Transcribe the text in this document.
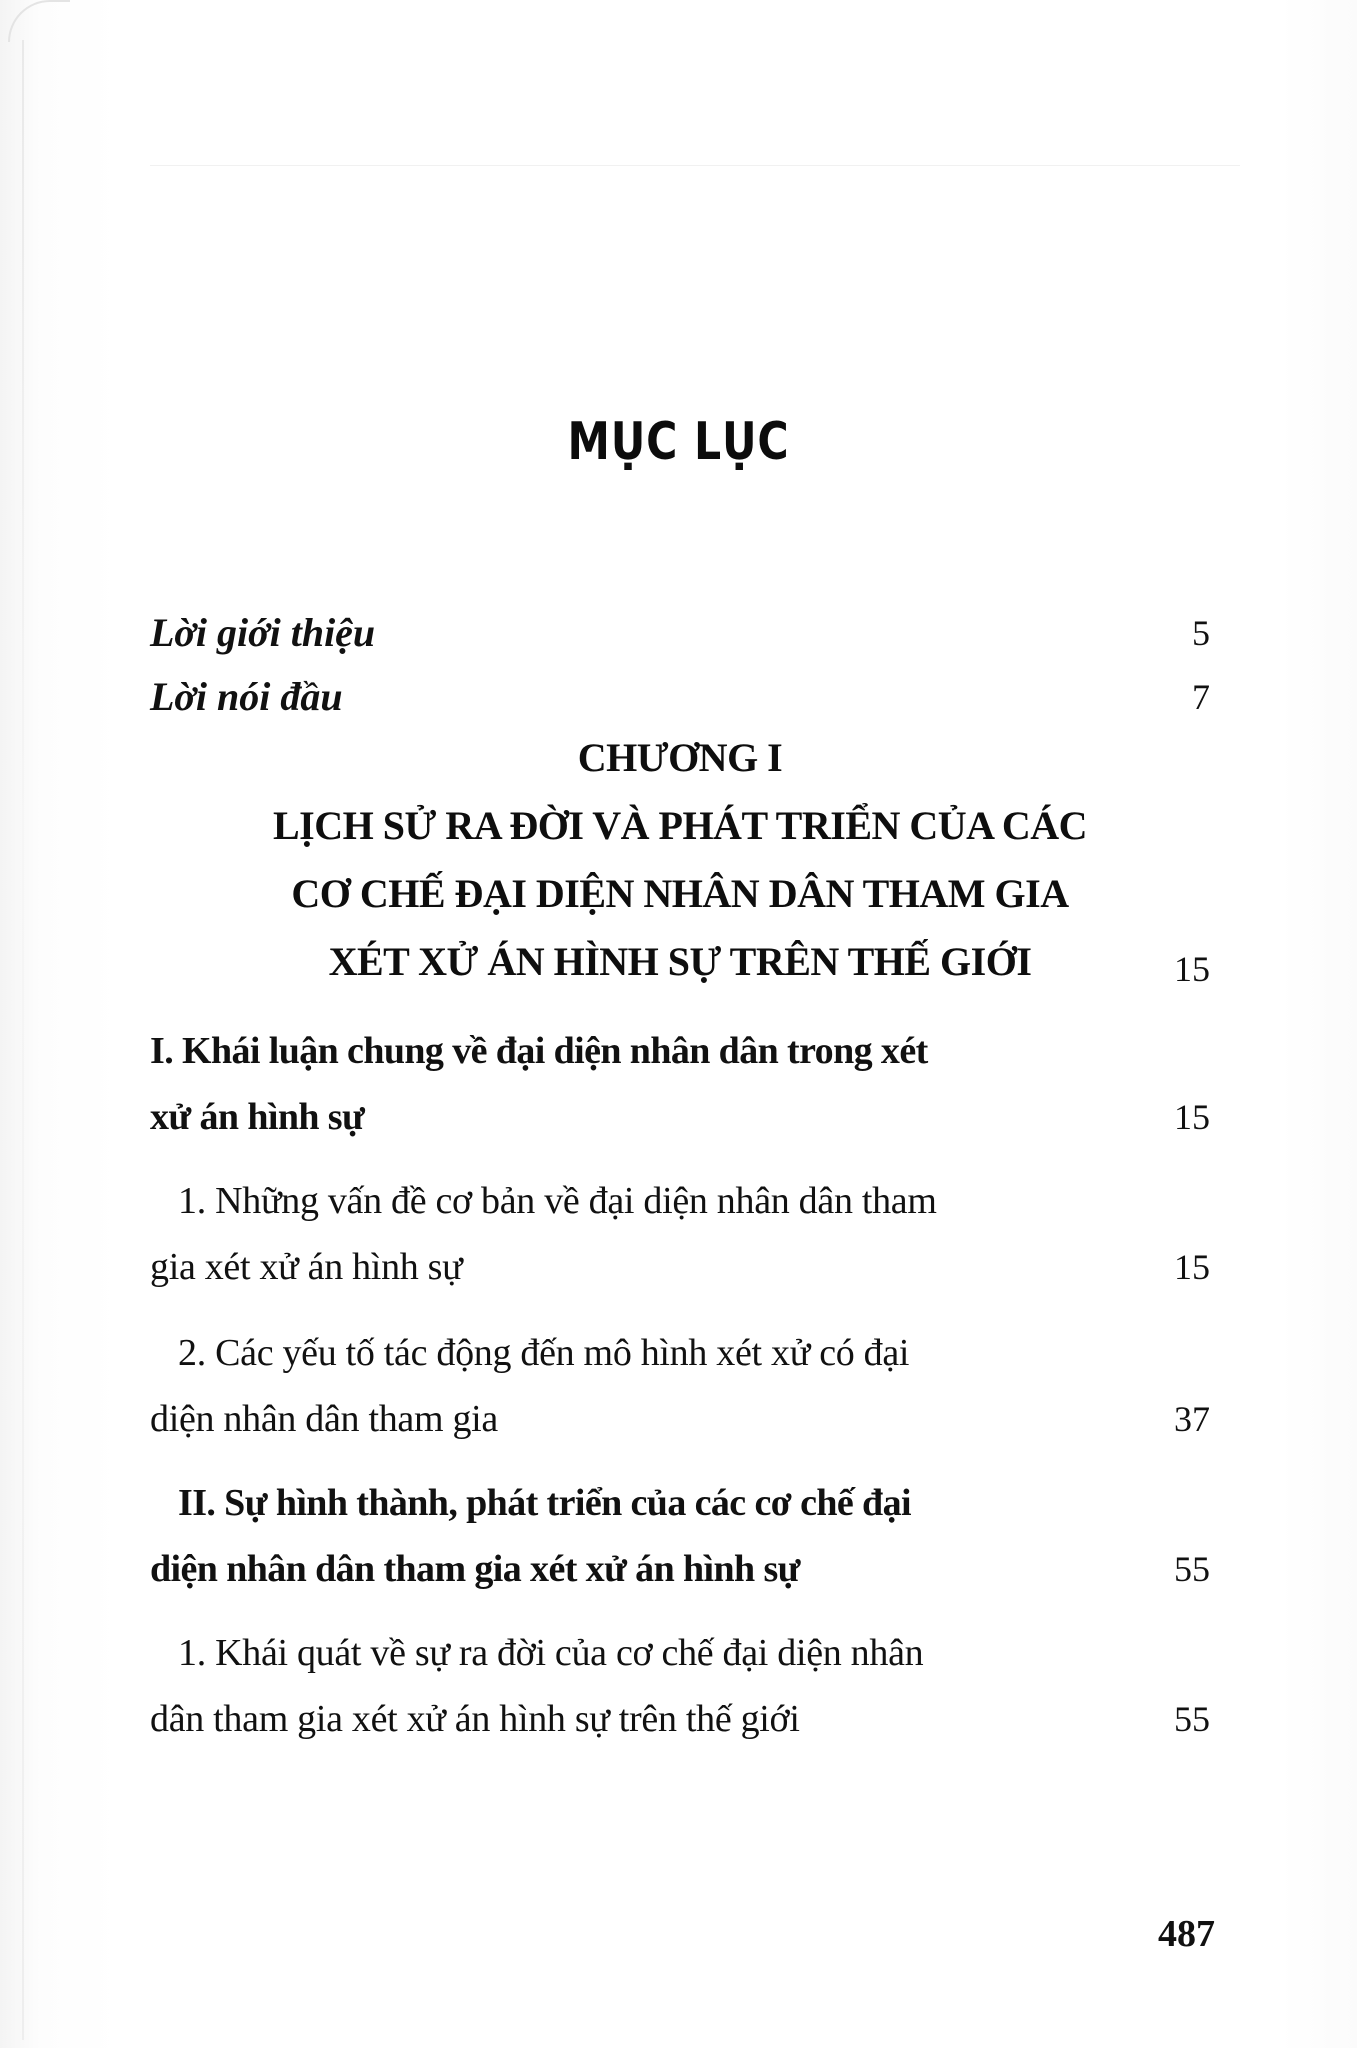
MỤC LỤC
Lời giới thiệu	5
Lời nói đầu	7
CHƯƠNG I
LỊCH SỬ RA ĐỜI VÀ PHÁT TRIỂN CỦA CÁC
CƠ CHẾ ĐẠI DIỆN NHÂN DÂN THAM GIA
XÉT XỬ ÁN HÌNH SỰ TRÊN THẾ GIỚI	15
I. Khái luận chung về đại diện nhân dân trong xét
xử án hình sự	15
1. Những vấn đề cơ bản về đại diện nhân dân tham
gia xét xử án hình sự	15
2. Các yếu tố tác động đến mô hình xét xử có đại
diện nhân dân tham gia	37
II. Sự hình thành, phát triển của các cơ chế đại
diện nhân dân tham gia xét xử án hình sự	55
1. Khái quát về sự ra đời của cơ chế đại diện nhân
dân tham gia xét xử án hình sự trên thế giới	55
487
